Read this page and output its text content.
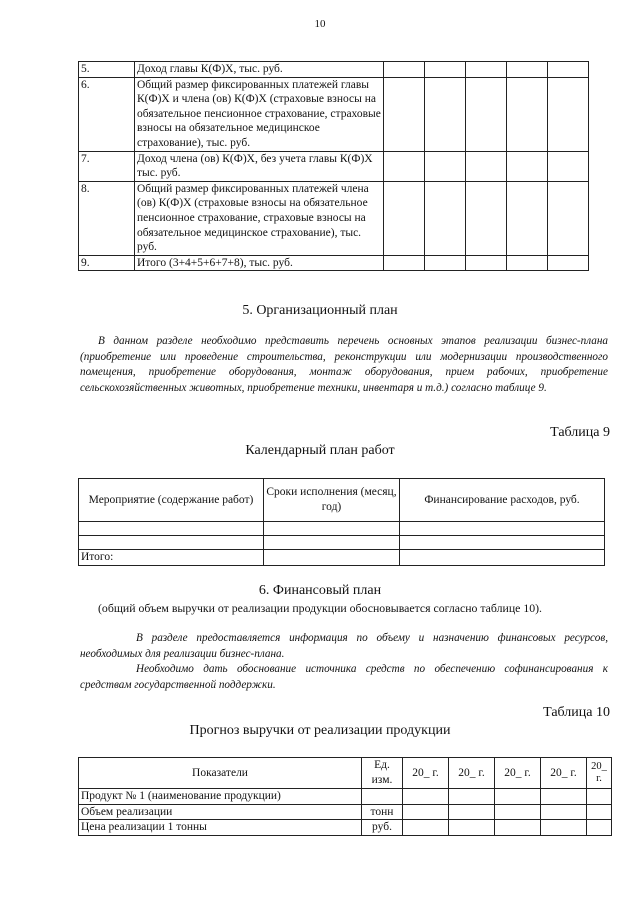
10
5.	Доход главы К(Ф)Х, тыс. руб.					
6.	Общий размер фиксированных платежей главы К(Ф)Х и члена (ов) К(Ф)Х (страховые взносы на обязательное пенсионное страхование, страховые взносы на обязательное медицинское страхование), тыс. руб.					
7.	Доход члена (ов) К(Ф)Х, без учета главы К(Ф)Х тыс. руб.					
8.	Общий размер фиксированных платежей члена (ов) К(Ф)Х (страховые взносы на обязательное пенсионное страхование, страховые взносы на обязательное медицинское страхование), тыс. руб.					
9.	Итого (3+4+5+6+7+8), тыс. руб.					
5. Организационный план

В данном разделе необходимо представить перечень основных этапов реализации бизнес-плана (приобретение или проведение строительства, реконструкции или модернизации производственного помещения, приобретение оборудования, монтаж оборудования, прием рабочих, приобретение сельскохозяйственных животных, приобретение техники, инвентаря и т.д.) согласно таблице 9.

Таблица 9
Календарный план работ
Мероприятие (содержание работ)	Сроки исполнения (месяц, год)	Финансирование расходов, руб.

Итого:		
6. Финансовый план
(общий объем выручки от реализации продукции обосновывается согласно таблице 10).

В разделе предоставляется информация по объему и назначению финансовых ресурсов, необходимых для реализации бизнес-плана.

Необходимо дать обоснование источника средств по обеспечению софинансирования к средствам государственной поддержки.

Таблица 10
Прогноз выручки от реализации продукции
Показатели	Ед. изм.	20_ г.	20_ г.	20_ г.	20_ г.	20_ г.
Продукт № 1 (наименование продукции)						
Объем реализации	тонн					
Цена реализации 1 тонны	руб.					
